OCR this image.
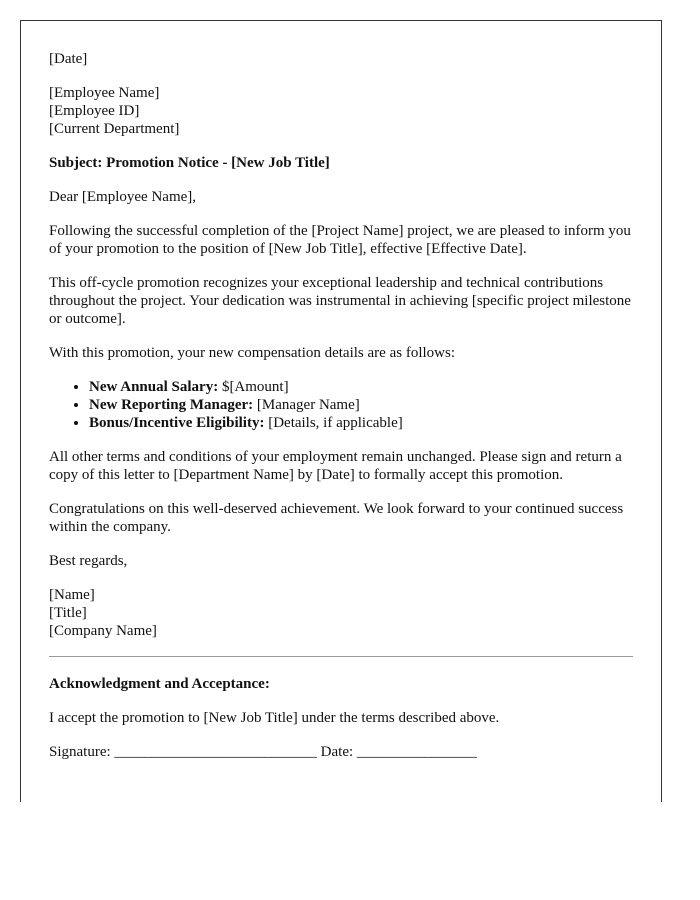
[Date]

[Employee Name]
[Employee ID]
[Current Department]

Subject: Promotion Notice - [New Job Title]

Dear [Employee Name],

Following the successful completion of the [Project Name] project, we are pleased to inform you of your promotion to the position of [New Job Title], effective [Effective Date].

This off-cycle promotion recognizes your exceptional leadership and technical contributions throughout the project. Your dedication was instrumental in achieving [specific project milestone or outcome].

With this promotion, your new compensation details are as follows:

• New Annual Salary: $[Amount]
• New Reporting Manager: [Manager Name]
• Bonus/Incentive Eligibility: [Details, if applicable]

All other terms and conditions of your employment remain unchanged. Please sign and return a copy of this letter to [Department Name] by [Date] to formally accept this promotion.

Congratulations on this well-deserved achievement. We look forward to your continued success within the company.

Best regards,

[Name]
[Title]
[Company Name]

Acknowledgment and Acceptance:

I accept the promotion to [New Job Title] under the terms described above.

Signature: ___________________________ Date: ________________
